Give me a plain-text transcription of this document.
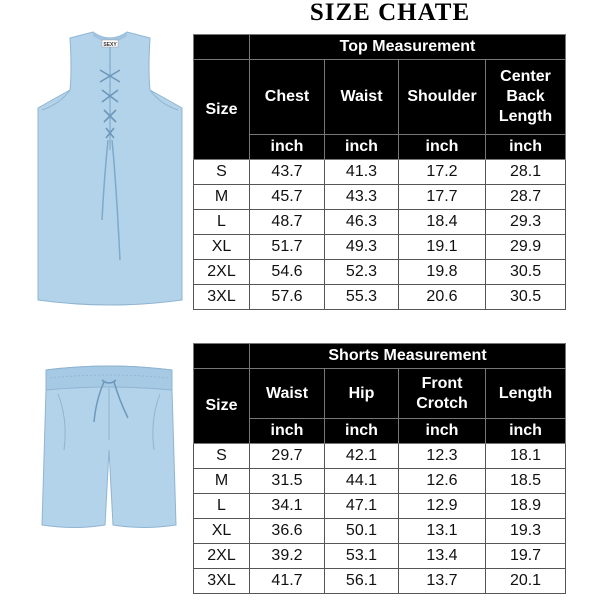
SIZE CHATE
SEXY
		Top Measurement			
Size	Chest	Waist	Shoulder	Center Back Length
	inch	inch	inch	inch
S	43.7	41.3	17.2	28.1
M	45.7	43.3	17.7	28.7
L	48.7	46.3	18.4	29.3
XL	51.7	49.3	19.1	29.9
2XL	54.6	52.3	19.8	30.5
3XL	57.6	55.3	20.6	30.5
	Shorts Measurement			
Size	Waist	Hip	Front Crotch	Length
	inch	inch	inch	inch
S	29.7	42.1	12.3	18.1
M	31.5	44.1	12.6	18.5
L	34.1	47.1	12.9	18.9
XL	36.6	50.1	13.1	19.3
2XL	39.2	53.1	13.4	19.7
3XL	41.7	56.1	13.7	20.1
